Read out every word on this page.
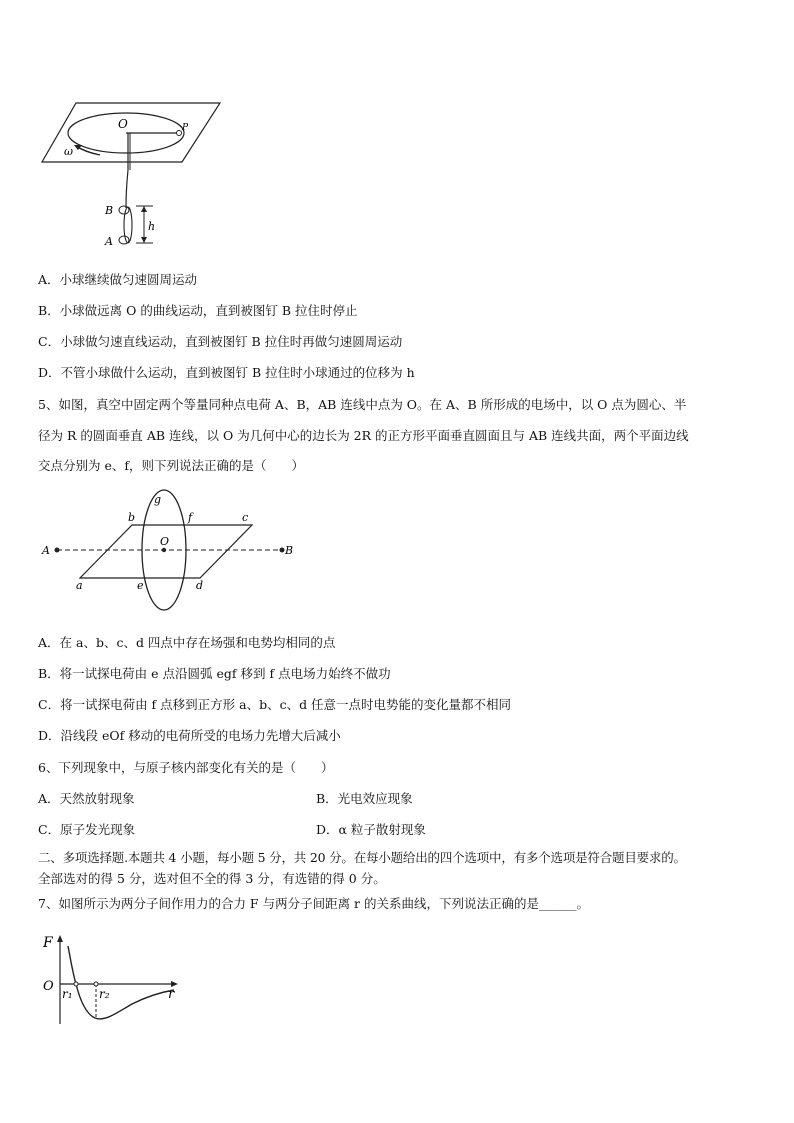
O	P
ω
B
A
h
A．小球继续做匀速圆周运动
B．小球做远离 O 的曲线运动，直到被图钉 B 拉住时停止
C．小球做匀速直线运动，直到被图钉 B 拉住时再做匀速圆周运动
D．不管小球做什么运动，直到被图钉 B 拉住时小球通过的位移为 h
5、如图，真空中固定两个等量同种点电荷 A、B，AB 连线中点为 O。在 A、B 所形成的电场中，以 O 点为圆心、半
径为 R 的圆面垂直 AB 连线，以 O 为几何中心的边长为 2R 的正方形平面垂直圆面且与 AB 连线共面，两个平面边线
交点分别为 e、f，则下列说法正确的是（　　）
A	B
O
a
b	c
d
e
f
g
A．在 a、b、c、d 四点中存在场强和电势均相同的点
B．将一试探电荷由 e 点沿圆弧 egf 移到 f 点电场力始终不做功
C．将一试探电荷由 f 点移到正方形 a、b、c、d 任意一点时电势能的变化量都不相同
D．沿线段 eOf 移动的电荷所受的电场力先增大后减小
6、下列现象中，与原子核内部变化有关的是（　　）
A．天然放射现象	B．光电效应现象
C．原子发光现象	D．α 粒子散射现象
二、多项选择题.本题共 4 小题，每小题 5 分，共 20 分。在每小题给出的四个选项中，有多个选项是符合题目要求的。
全部选对的得 5 分，选对但不全的得 3 分，有选错的得 0 分。
7、如图所示为两分子间作用力的合力 F 与两分子间距离 r 的关系曲线，下列说法正确的是______。
F
O r₁ r₂	r
